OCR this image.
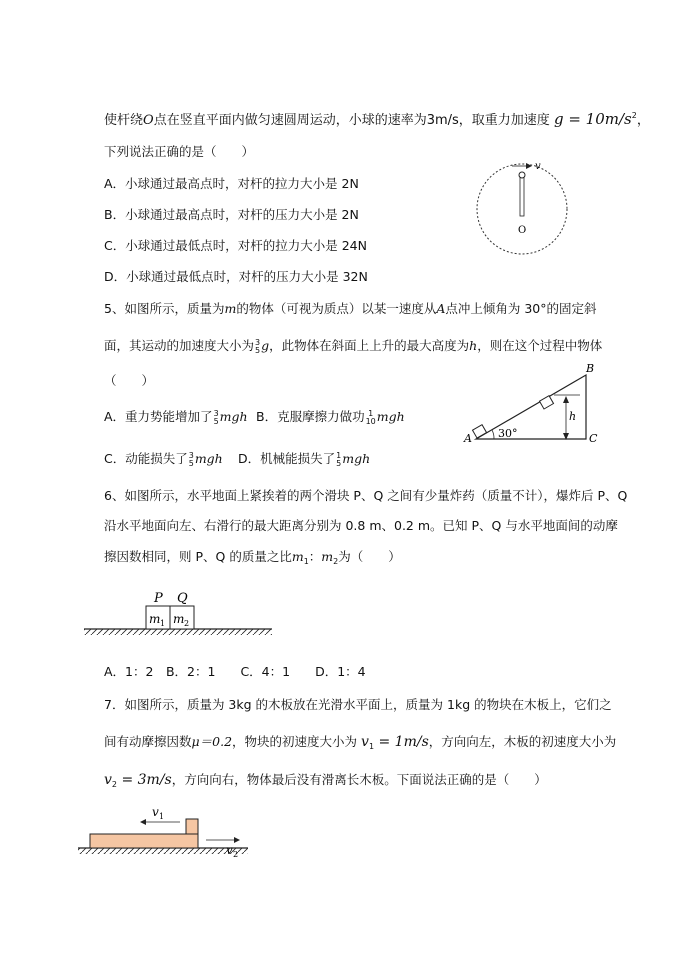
使杆绕O点在竖直平面内做匀速圆周运动，小球的速率为3m/s，取重力加速度 $g = 10m/s^2$，
下列说法正确的是（　　）
A．小球通过最高点时，对杆的拉力大小是 2N
B．小球通过最高点时，对杆的压力大小是 2N
C．小球通过最低点时，对杆的拉力大小是 24N
D．小球通过最低点时，对杆的压力大小是 32N
v
O
5、如图所示，质量为m的物体（可视为质点）以某一速度从A点冲上倾角为 30°的固定斜
面，其运动的加速度大小为 3
5 g，此物体在斜面上上升的最大高度为h，则在这个过程中物体
（　　）
A．重力势能增加了 3
5 mgh B．克服摩擦力做功 1
10 mgh
C．动能损失了 3
5 mgh D．机械能损失了 1
5 mgh
h
30°
A	C
B
6、如图所示，水平地面上紧挨着的两个滑块 P、Q 之间有少量炸药（质量不计），爆炸后 P、Q
沿水平地面向左、右滑行的最大距离分别为 0.8 m、0.2 m。已知 P、Q 与水平地面间的动摩
擦因数相同，则 P、Q 的质量之比$m_1$：$m_2$为（　　）
P Q
m 1 m 2
A．1：2　B．2：1　　C．4：1　　D．1：4
7．如图所示，质量为 3kg 的木板放在光滑水平面上，质量为 1kg 的物块在木板上，它们之
间有动摩擦因数μ＝0.2，物块的初速度大小为 $v_1 = 1m/s$，方向向左，木板的初速度大小为
$v_2 = 3m/s$，方向向右，物体最后没有滑离长木板。下面说法正确的是（　　）
v 1
v 2
